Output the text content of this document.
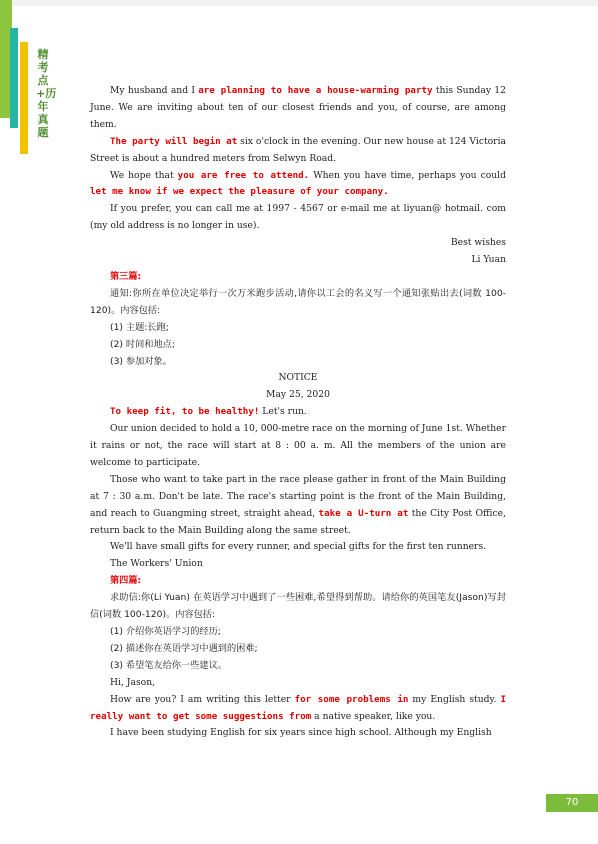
精考点+历年真题

My husband and I are planning to have a house-warming party this Sunday 12 June. We are inviting about ten of our closest friends and you, of course, are among them.

The party will begin at six o'clock in the evening. Our new house at 124 Victoria Street is about a hundred meters from Selwyn Road.

We hope that you are free to attend. When you have time, perhaps you could let me know if we expect the pleasure of your company.

If you prefer, you can call me at 1997 - 4567 or e-mail me at liyuan@ hotmail. com (my old address is no longer in use).

Best wishes

Li Yuan

第三篇:

通知:你所在单位决定举行一次万米跑步活动,请你以工会的名义写一个通知张贴出去(词数 100-120)。内容包括:

(1) 主题:长跑;

(2) 时间和地点;

(3) 参加对象。

NOTICE

May 25, 2020

To keep fit, to be healthy! Let's run.

Our union decided to hold a 10, 000-metre race on the morning of June 1st. Whether it rains or not, the race will start at 8 : 00 a. m. All the members of the union are welcome to participate.

Those who want to take part in the race please gather in front of the Main Building at 7 : 30 a.m. Don't be late. The race's starting point is the front of the Main Building, and reach to Guangming street, straight ahead, take a U-turn at the City Post Office, return back to the Main Building along the same street.

We'll have small gifts for every runner, and special gifts for the first ten runners.

The Workers' Union

第四篇:

求助信:你(Li Yuan) 在英语学习中遇到了一些困难,希望得到帮助。请给你的英国笔友(Jason)写封信(词数 100-120)。内容包括:

(1) 介绍你英语学习的经历;

(2) 描述你在英语学习中遇到的困难;

(3) 希望笔友给你一些建议。

Hi, Jason,

How are you? I am writing this letter for some problems in my English study. I really want to get some suggestions from a native speaker, like you.

I have been studying English for six years since high school. Although my English

70
